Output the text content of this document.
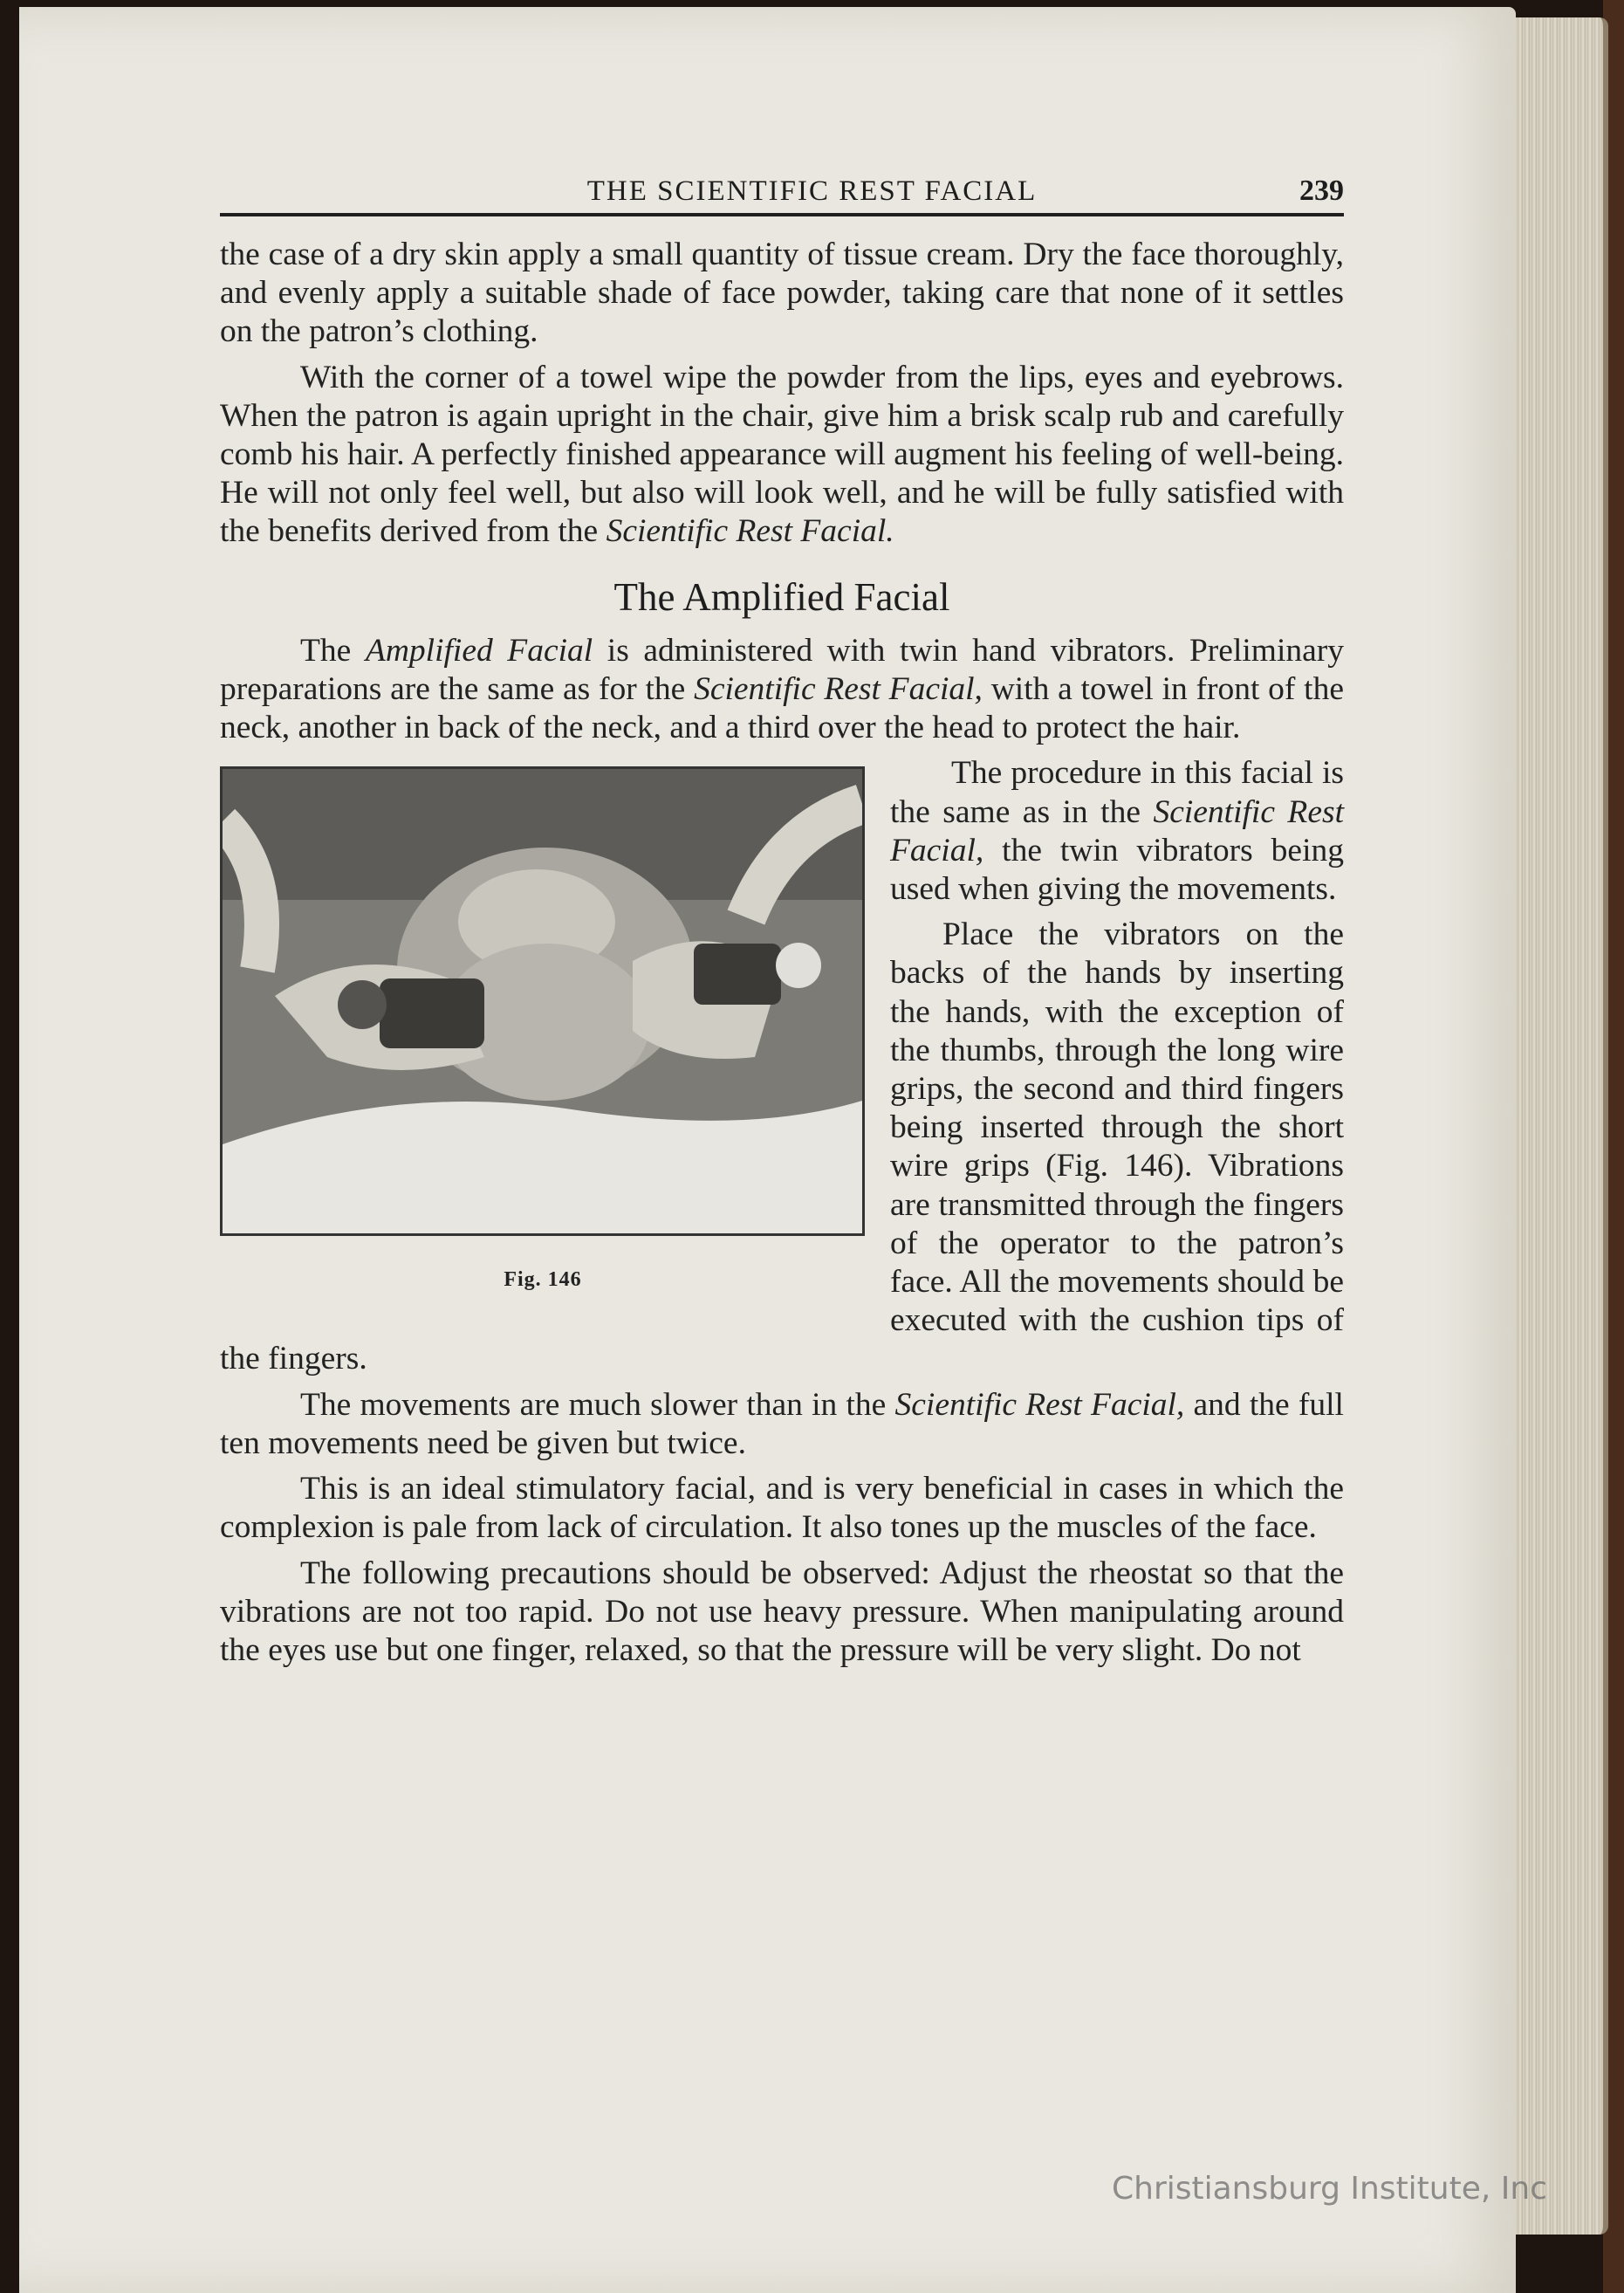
THE SCIENTIFIC REST FACIAL	239

the case of a dry skin apply a small quantity of tissue cream. Dry the face thoroughly, and evenly apply a suitable shade of face powder, taking care that none of it settles on the patron’s clothing.

With the corner of a towel wipe the powder from the lips, eyes and eyebrows. When the patron is again upright in the chair, give him a brisk scalp rub and carefully comb his hair. A perfectly finished appearance will augment his feeling of well-being. He will not only feel well, but also will look well, and he will be fully satisfied with the benefits derived from the Scientific Rest Facial.

The Amplified Facial

The Amplified Facial is administered with twin hand vibrators. Preliminary preparations are the same as for the Scientific Rest Facial, with a towel in front of the neck, another in back of the neck, and a third over the head to protect the hair.

Fig. 146

The procedure in this facial is the same as in the Scientific Rest Facial, the twin vibrators being used when giving the movements.

Place the vibrators on the backs of the hands by inserting the hands, with the exception of the thumbs, through the long wire grips, the second and third fingers being inserted through the short wire grips (Fig. 146). Vibrations are transmitted through the fingers of the operator to the patron’s face. All the movements should be executed with the cushion tips of the fingers.

The movements are much slower than in the Scientific Rest Facial, and the full ten movements need be given but twice.

This is an ideal stimulatory facial, and is very beneficial in cases in which the complexion is pale from lack of circulation. It also tones up the muscles of the face.

The following precautions should be observed: Adjust the rheostat so that the vibrations are not too rapid. Do not use heavy pressure. When manipulating around the eyes use but one finger, relaxed, so that the pressure will be very slight. Do not

Christiansburg Institute, Inc
